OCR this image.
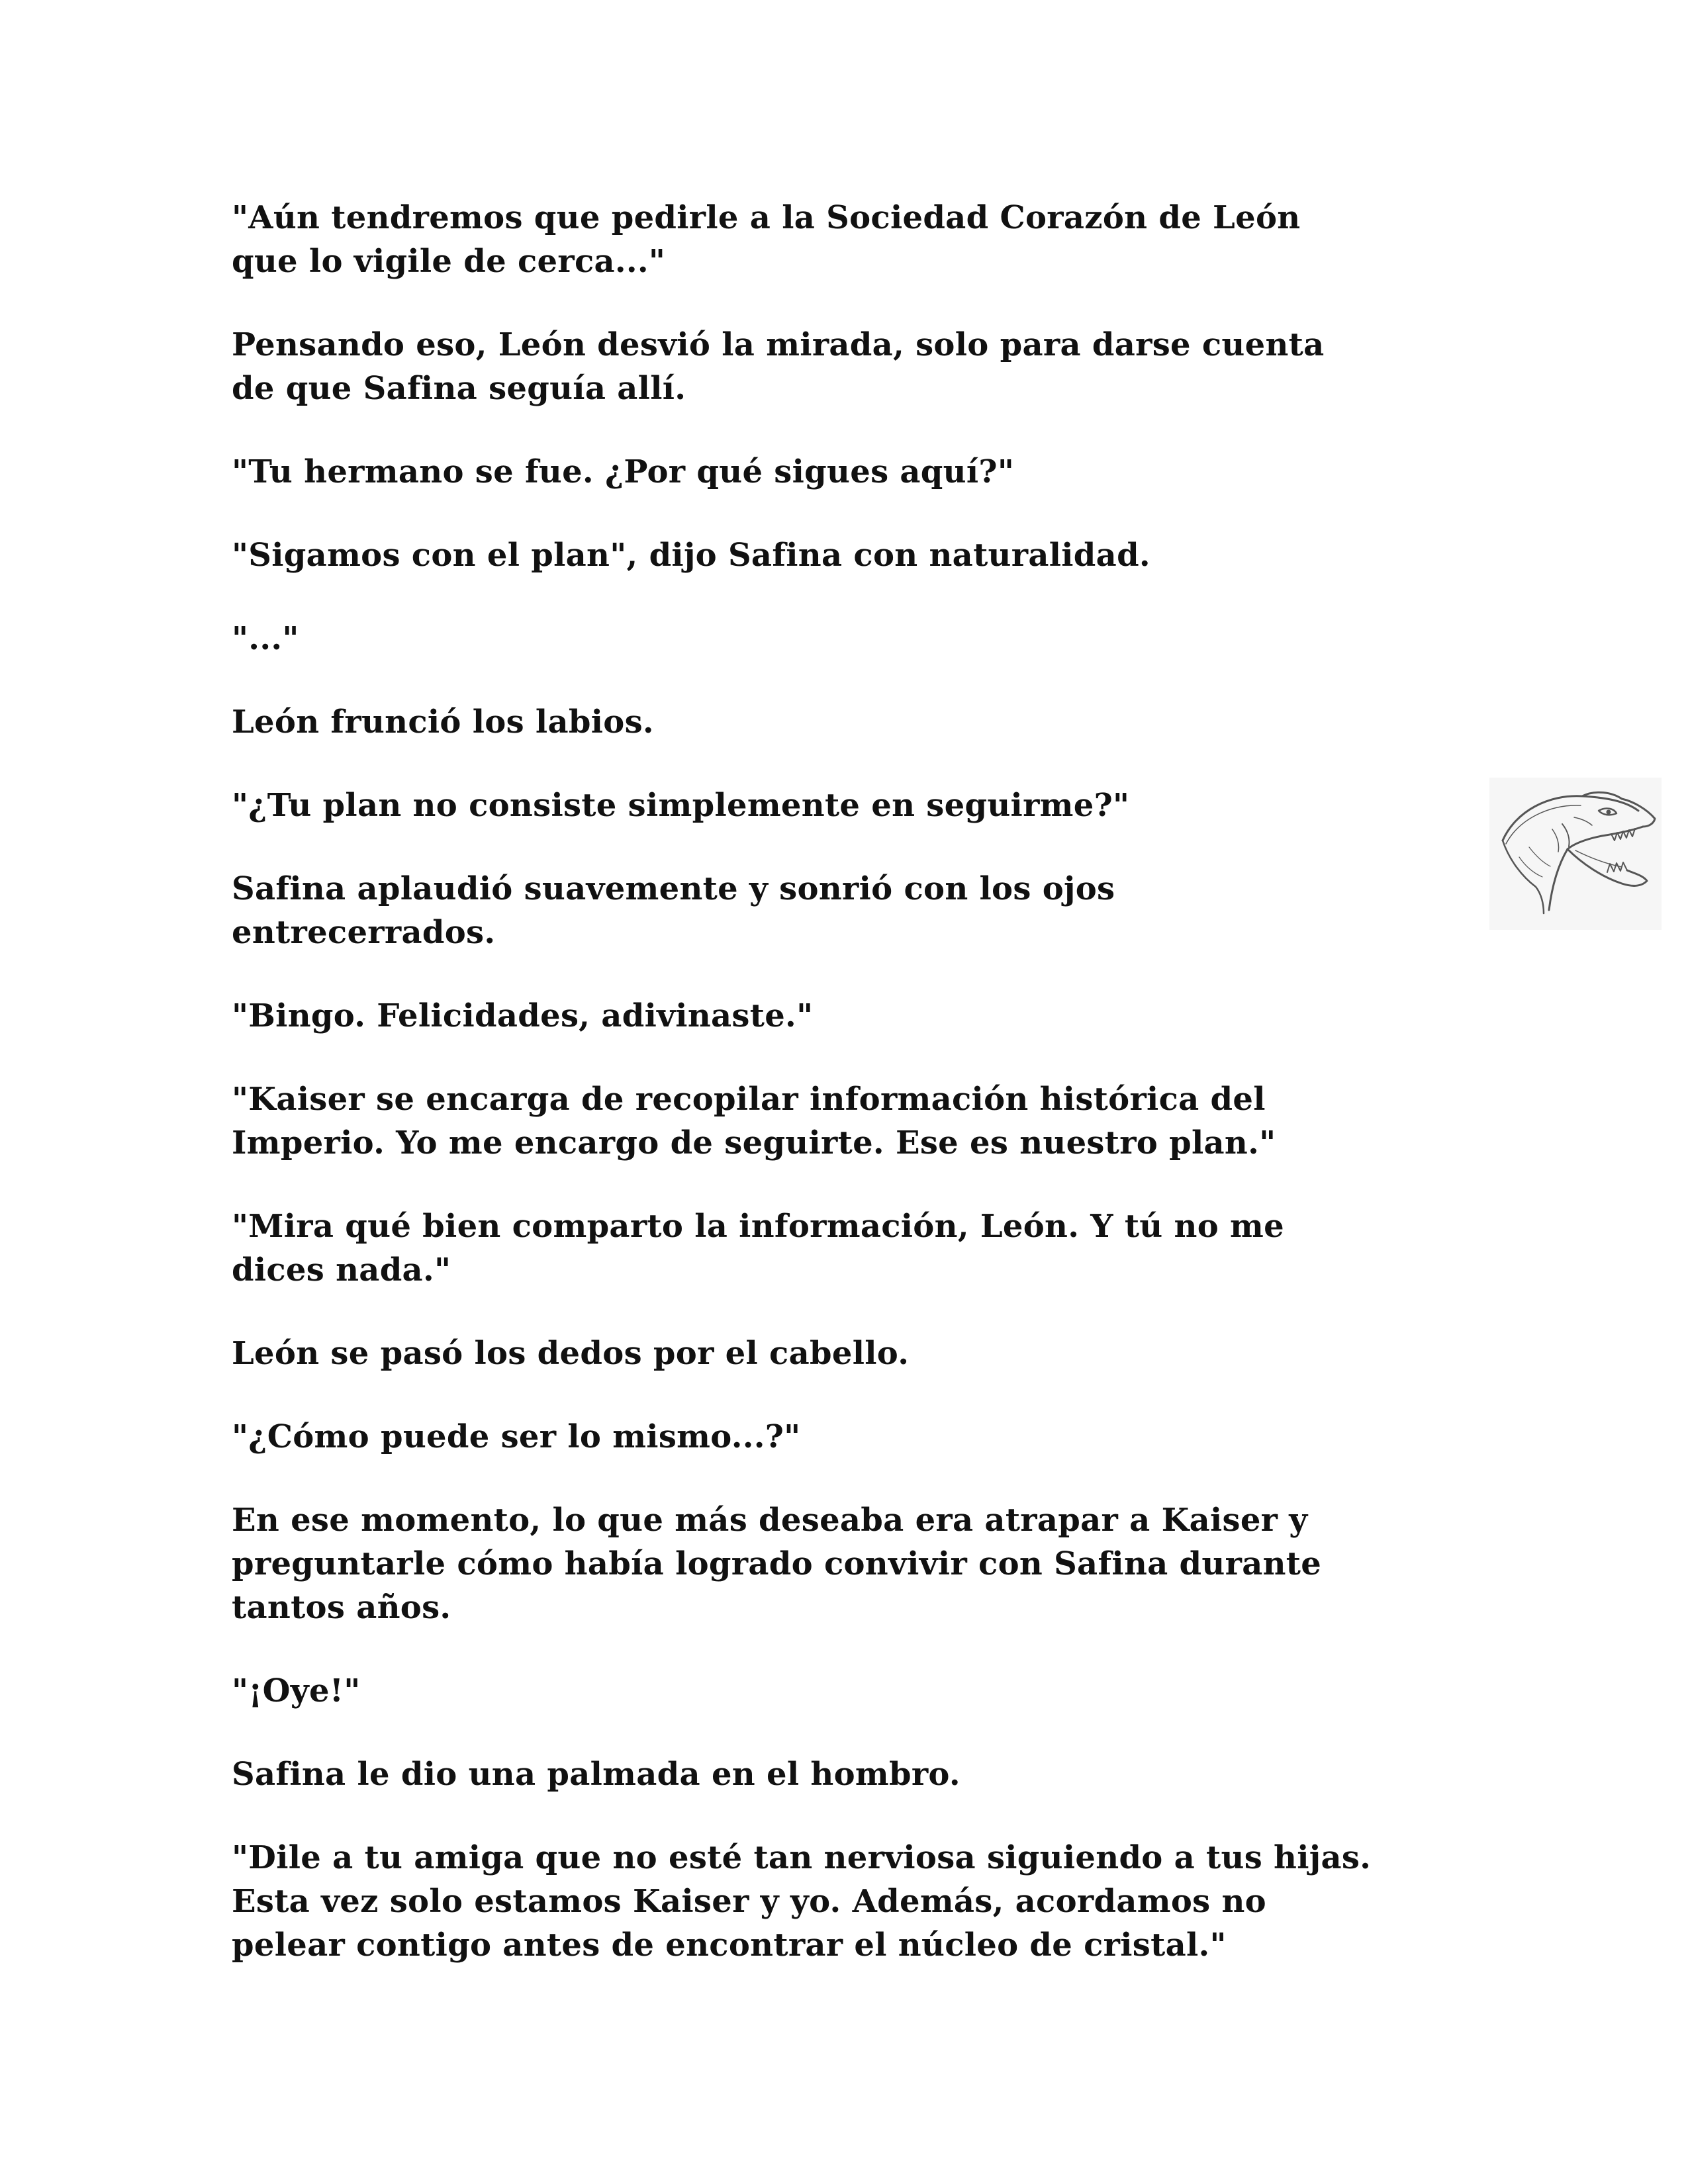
"Aún tendremos que pedirle a la Sociedad Corazón de León
que lo vigile de cerca..."

Pensando eso, León desvió la mirada, solo para darse cuenta
de que Safina seguía allí.

"Tu hermano se fue. ¿Por qué sigues aquí?"

"Sigamos con el plan", dijo Safina con naturalidad.

"..."

León frunció los labios.

"¿Tu plan no consiste simplemente en seguirme?"

Safina aplaudió suavemente y sonrió con los ojos
entrecerrados.

"Bingo. Felicidades, adivinaste."

"Kaiser se encarga de recopilar información histórica del
Imperio. Yo me encargo de seguirte. Ese es nuestro plan."

"Mira qué bien comparto la información, León. Y tú no me
dices nada."

León se pasó los dedos por el cabello.

"¿Cómo puede ser lo mismo...?"

En ese momento, lo que más deseaba era atrapar a Kaiser y
preguntarle cómo había logrado convivir con Safina durante
tantos años.

"¡Oye!"

Safina le dio una palmada en el hombro.

"Dile a tu amiga que no esté tan nerviosa siguiendo a tus hijas.
Esta vez solo estamos Kaiser y yo. Además, acordamos no
pelear contigo antes de encontrar el núcleo de cristal."
